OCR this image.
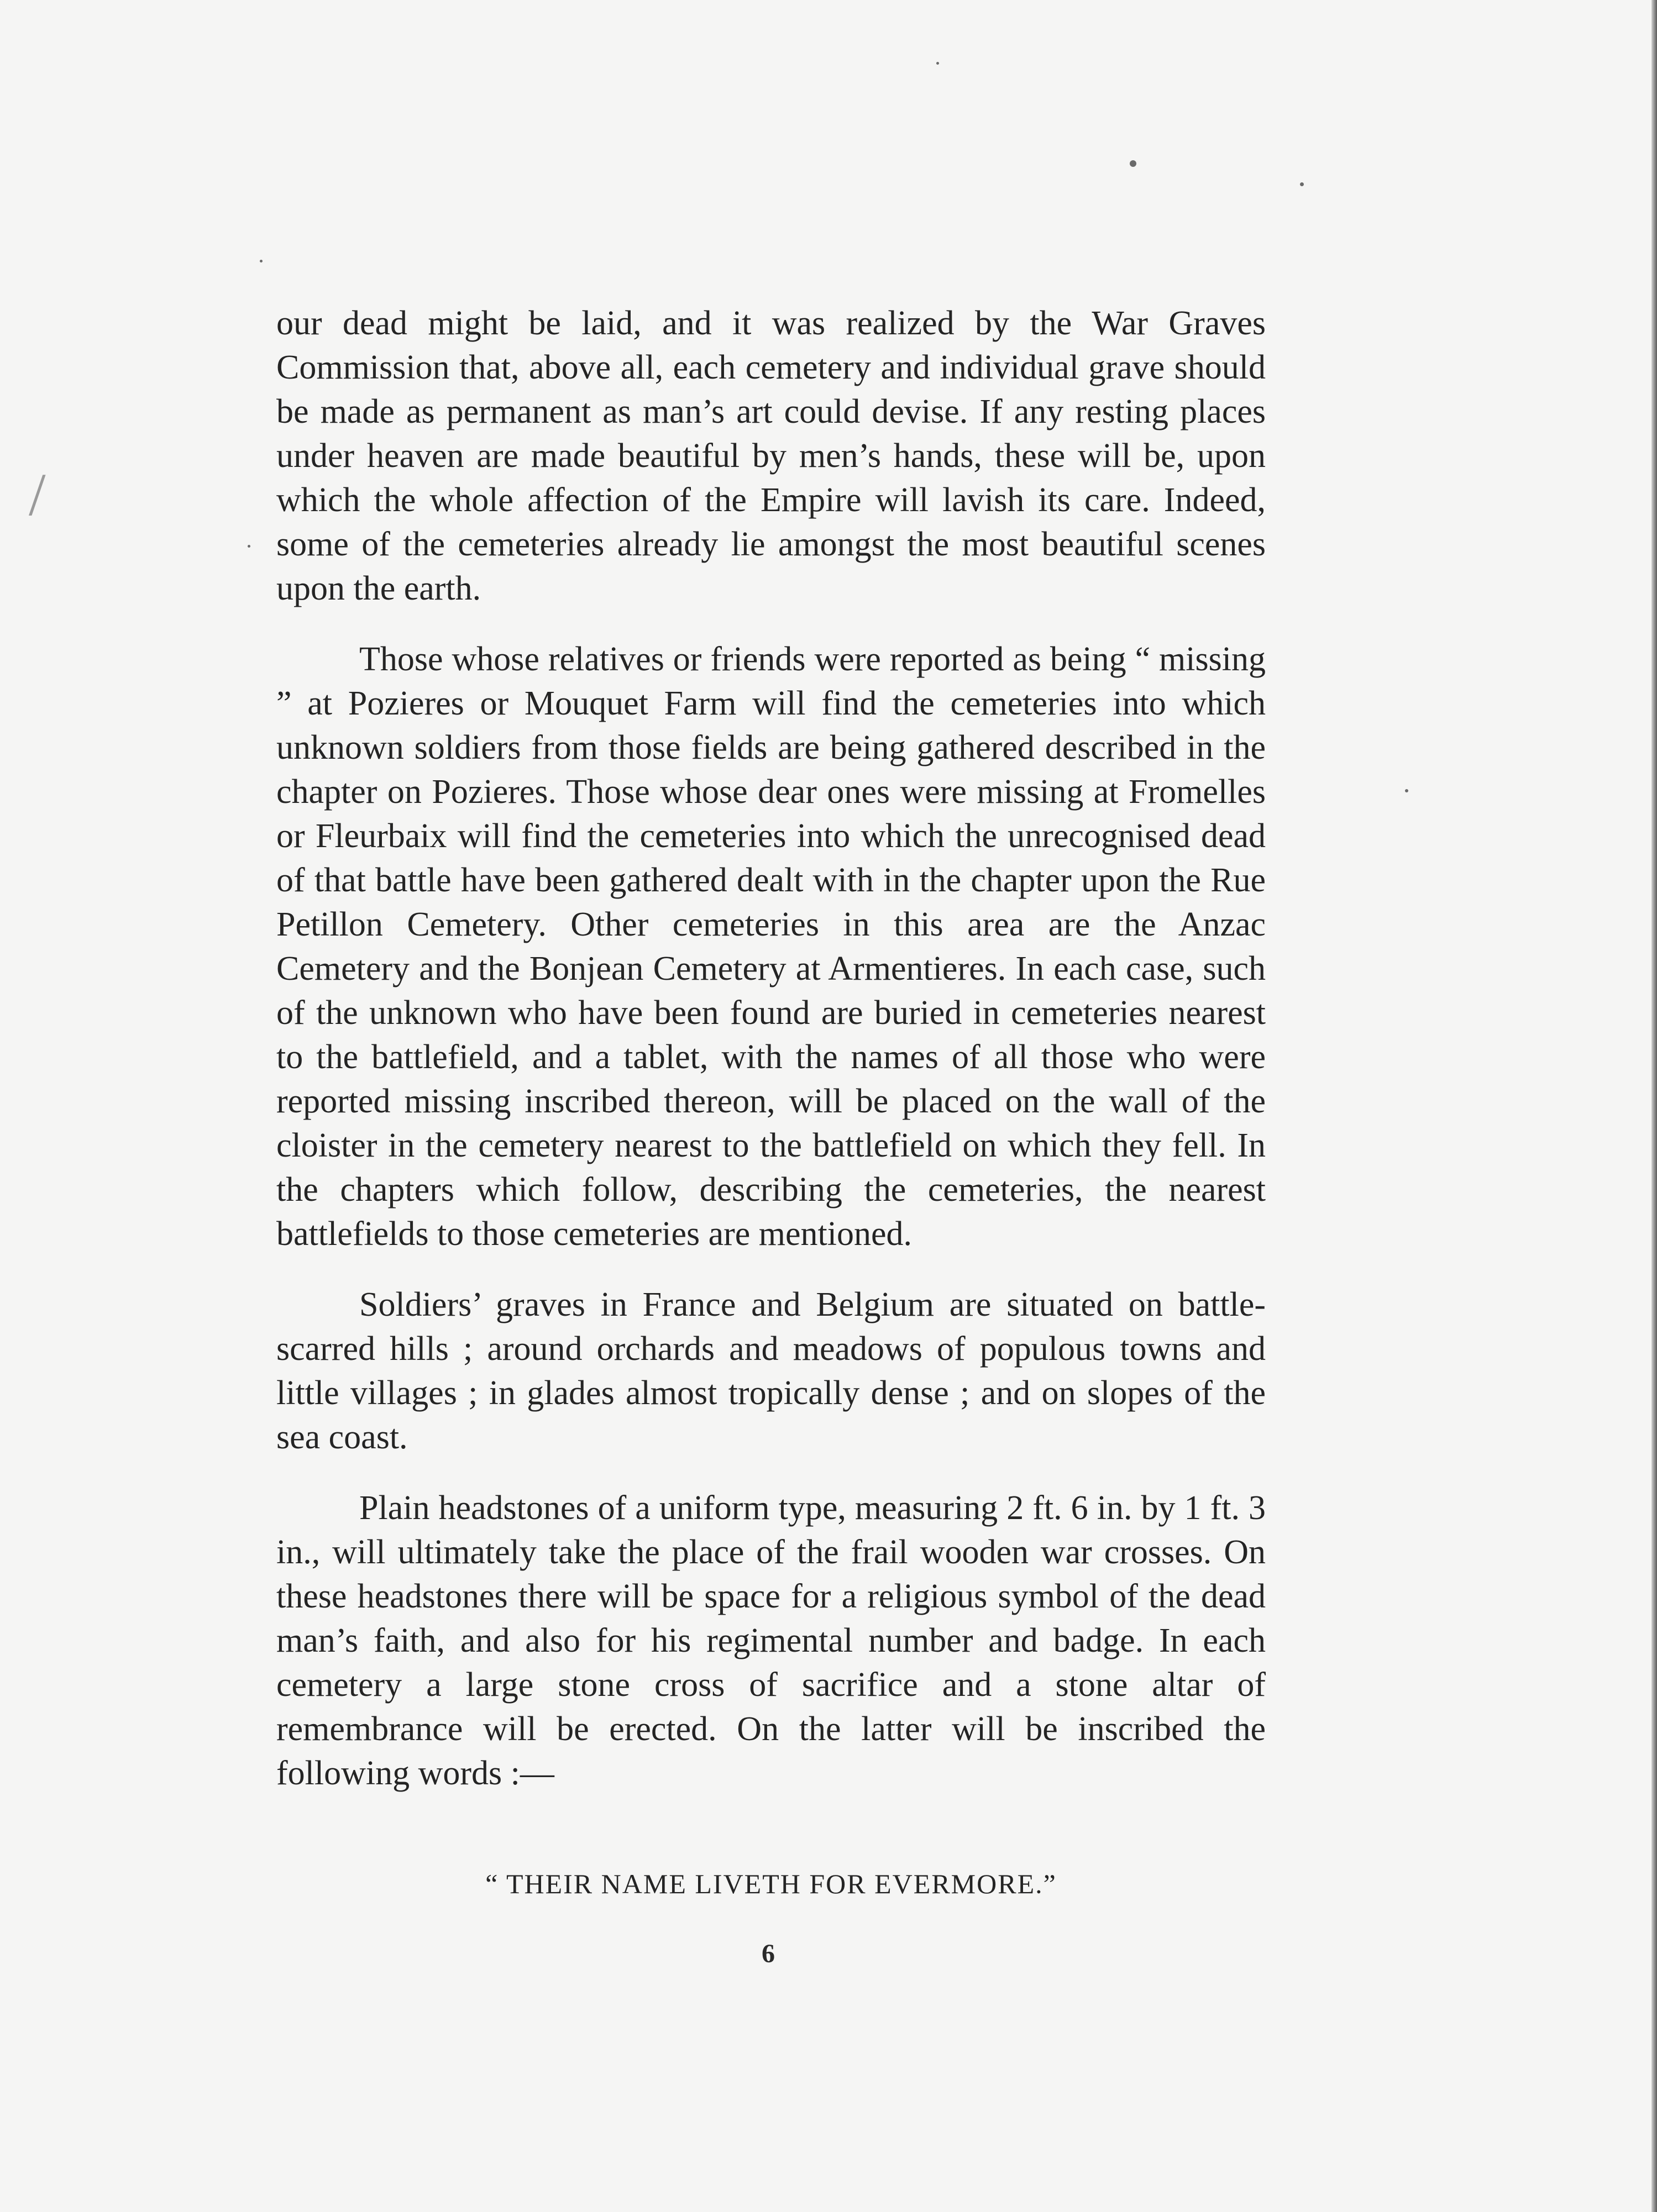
/

our dead might be laid, and it was realized by the War Graves Commission that, above all, each cemetery and individual grave should be made as permanent as man’s art could devise. If any resting places under heaven are made beautiful by men’s hands, these will be, upon which the whole affection of the Empire will lavish its care. Indeed, some of the cemeteries already lie amongst the most beautiful scenes upon the earth.

Those whose relatives or friends were reported as being “ missing ” at Pozieres or Mouquet Farm will find the cemeteries into which unknown soldiers from those fields are being gathered described in the chapter on Pozieres. Those whose dear ones were missing at Fromelles or Fleurbaix will find the cemeteries into which the unrecognised dead of that battle have been gathered dealt with in the chapter upon the Rue Petillon Cemetery. Other cemeteries in this area are the Anzac Cemetery and the Bonjean Cemetery at Armentieres. In each case, such of the unknown who have been found are buried in cemeteries nearest to the battlefield, and a tablet, with the names of all those who were reported missing inscribed thereon, will be placed on the wall of the cloister in the cemetery nearest to the battlefield on which they fell. In the chapters which follow, describing the cemeteries, the nearest battlefields to those cemeteries are mentioned.

Soldiers’ graves in France and Belgium are situated on battle-scarred hills ; around orchards and meadows of populous towns and little villages ; in glades almost tropically dense ; and on slopes of the sea coast.

Plain headstones of a uniform type, measuring 2 ft. 6 in. by 1 ft. 3 in., will ultimately take the place of the frail wooden war crosses. On these headstones there will be space for a religious symbol of the dead man’s faith, and also for his regimental number and badge. In each cemetery a large stone cross of sacrifice and a stone altar of remembrance will be erected. On the latter will be inscribed the following words :—

“ THEIR NAME LIVETH FOR EVERMORE.”
6
